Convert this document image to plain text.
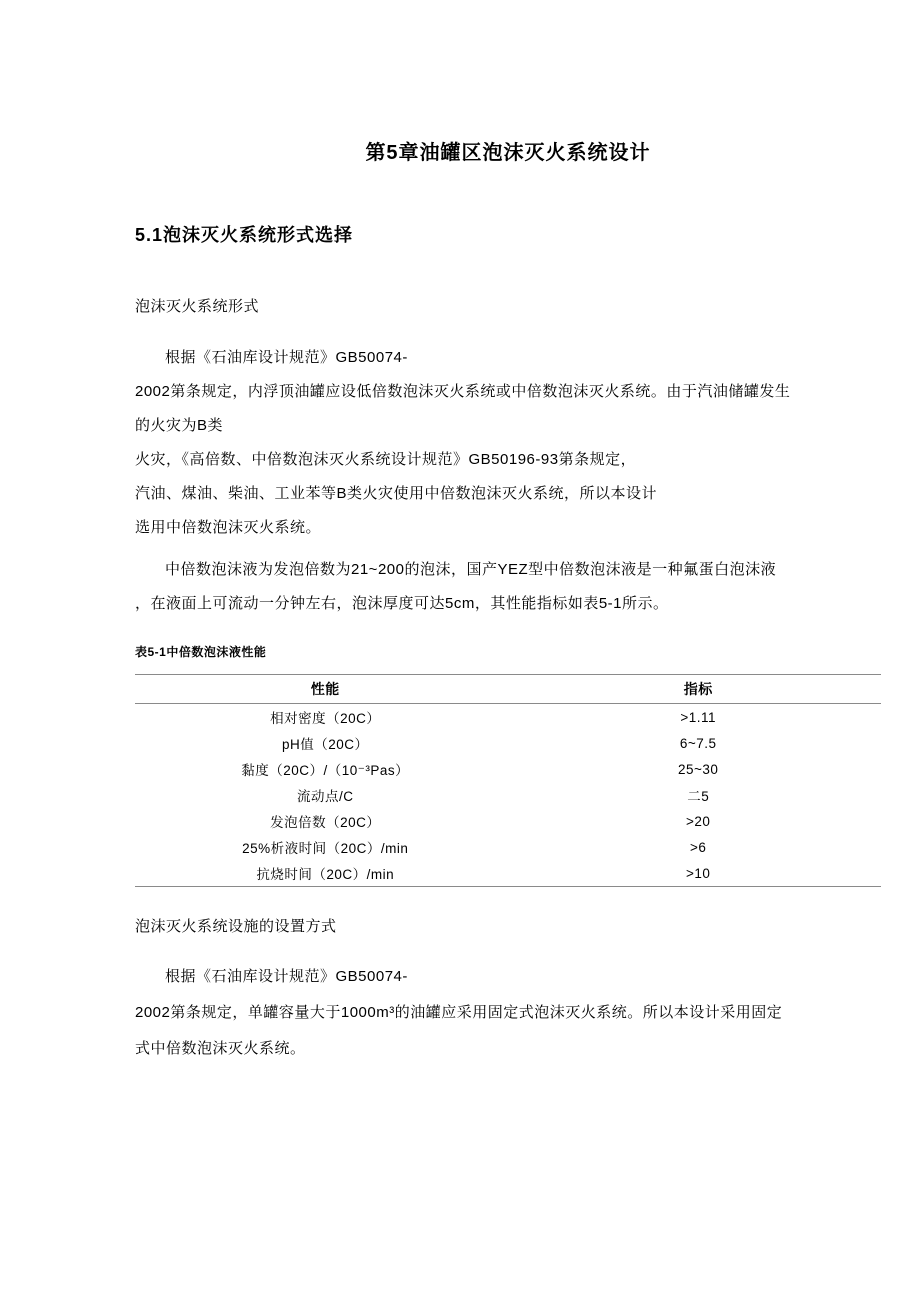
第5章油罐区泡沫灭火系统设计
5.1泡沫灭火系统形式选择

泡沫灭火系统形式

根据《石油库设计规范》GB50074-
2002第条规定，内浮顶油罐应设低倍数泡沫灭火系统或中倍数泡沫灭火系统。由于汽油储罐发生
的火灾为B类
火灾，《高倍数、中倍数泡沫灭火系统设计规范》GB50196-93第条规定，
汽油、煤油、柴油、工业苯等B类火灾使用中倍数泡沫灭火系统，所以本设计
选用中倍数泡沫灭火系统。
中倍数泡沫液为发泡倍数为21~200的泡沫，国产YEZ型中倍数泡沫液是一种氟蛋白泡沫液
，在液面上可流动一分钟左右，泡沫厚度可达5cm，其性能指标如表5-1所示。
表5-1中倍数泡沫液性能
性能	指标
相对密度（20C）	>1.11
pH值（20C）	6~7.5
黏度（20C）/（10⁻³Pas）	25~30
流动点/C	二5
发泡倍数（20C）	>20
25%析液时间（20C）/min	>6
抗烧时间（20C）/min	>10

泡沫灭火系统设施的设置方式

根据《石油库设计规范》GB50074-
2002第条规定，单罐容量大于1000m³的油罐应采用固定式泡沫灭火系统。所以本设计采用固定
式中倍数泡沫灭火系统。
